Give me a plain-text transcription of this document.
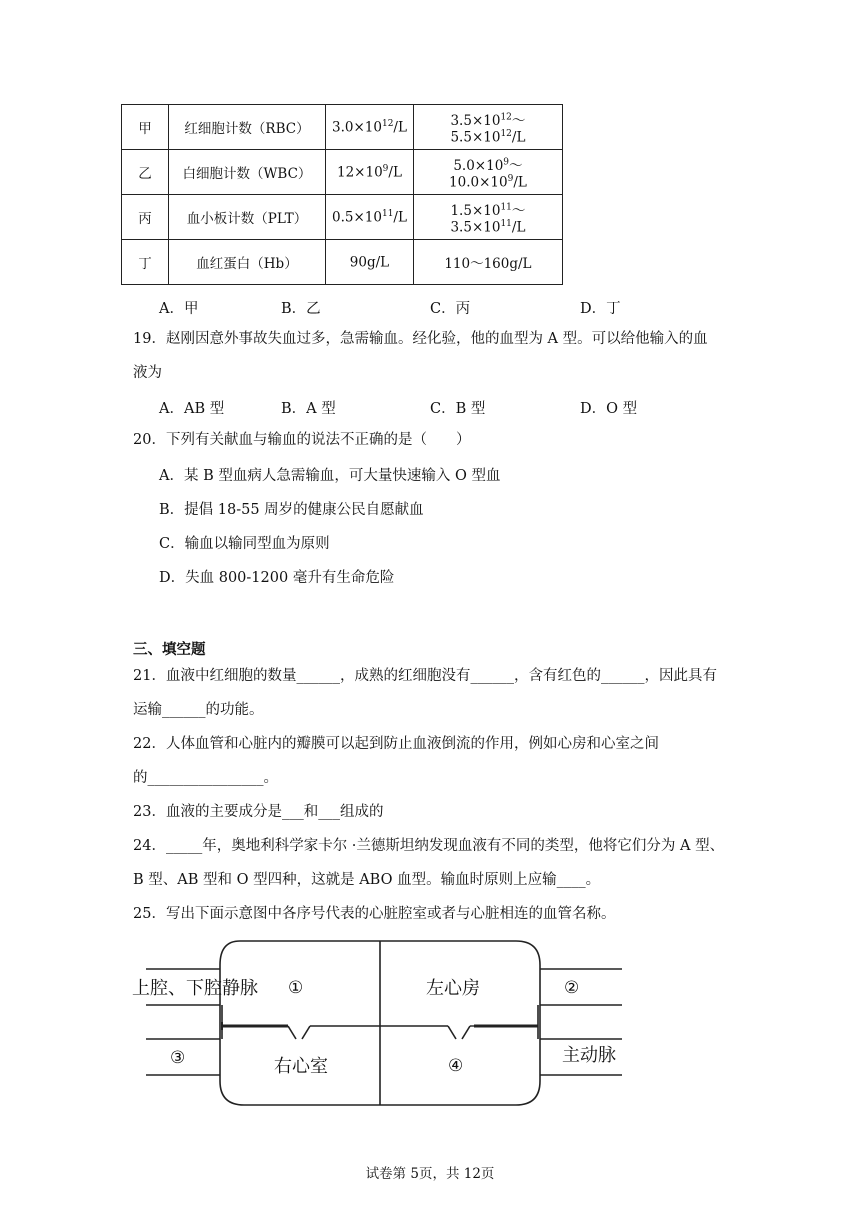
甲	红细胞计数（RBC）	$3.0\times 10^{12}/L$	$3.5\times 10^{12}\sim 5.5\times 10^{12}/L$
乙	白细胞计数（WBC）	$12\times 10^9/L$	$5.0\times 10^9\sim 10.0\times 10^9/L$
丙	血小板计数（PLT）	$0.5\times 10^{11}/L$	$1.5\times 10^{11}\sim 3.5\times 10^{11}/L$
丁	血红蛋白（Hb）	90g/L	110～160g/L
A．甲	B．乙	C．丙	D．丁
19．赵刚因意外事故失血过多，急需输血。经化验，他的血型为 A 型。可以给他输入的血
液为
A．AB 型	B．A 型	C．B 型	D．O 型
20．下列有关献血与输血的说法不正确的是（　　）
A．某 B 型血病人急需输血，可大量快速输入 O 型血
B．提倡 18-55 周岁的健康公民自愿献血
C．输血以输同型血为原则
D．失血 800-1200 毫升有生命危险
三、填空题
21．血液中红细胞的数量______，成熟的红细胞没有______，含有红色的______，因此具有
运输______的功能。
22．人体血管和心脏内的瓣膜可以起到防止血液倒流的作用，例如心房和心室之间
的________________。
23．血液的主要成分是___和___组成的
24．_____年，奥地利科学家卡尔 ·兰德斯坦纳发现血液有不同的类型，他将它们分为 A 型、
B 型、AB 型和 O 型四种，这就是 ABO 血型。输血时原则上应输____。
25．写出下面示意图中各序号代表的心脏腔室或者与心脏相连的血管名称。
上腔、下腔静脉 ①	左心房	②
③	右心室	④	主动脉
试卷第 5页，共 12页
